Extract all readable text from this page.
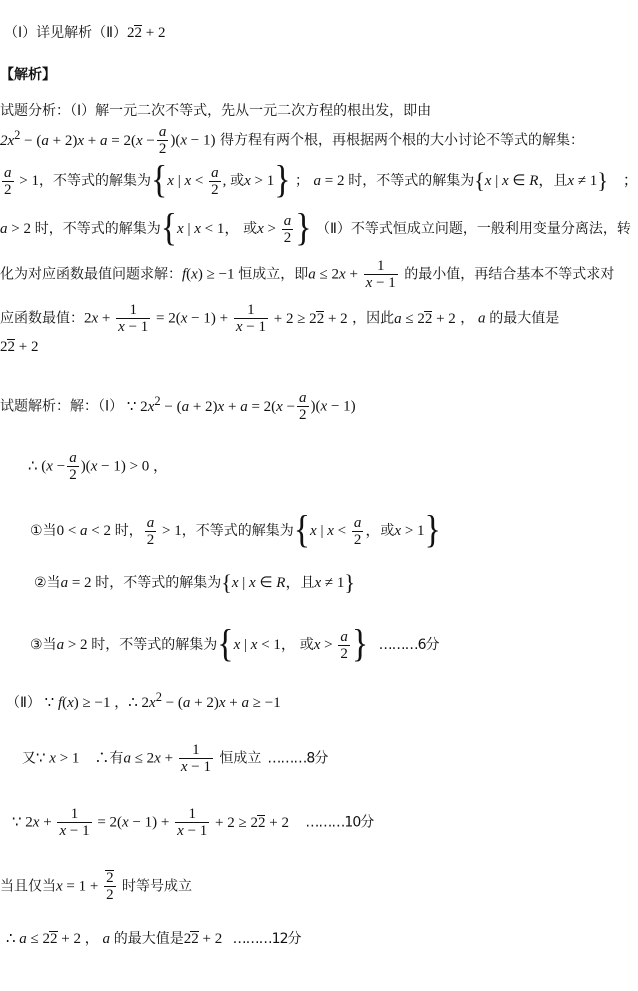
（Ⅰ）详见解析（Ⅱ）22 + 2
【解析】
试题分析：（Ⅰ）解一元二次不等式，先从一元二次方程的根出发，即由
$2x^2 - (a + 2)x + a = 2(x - \frac{a}{2} )(x - 1)$ 得方程有两个根，再根据两个根的大小讨论不等式的解集：
$\frac{a}{2} > 1$，不等式的解集为{x | $x < \frac{a}{2}$ , 或x > 1} ； a = 2 时，不等式的解集为{x | x ∈ R，且x ≠ 1}　；
a > 2 时，不等式的解集为{x | x < 1， 或$x > \frac{a}{2}$ } （Ⅱ）不等式恒成立问题，一般利用变量分离法，转
化为对应函数最值问题求解：f(x) ≥ −1 恒成立，即$a \le 2x + \frac{1}{x - 1}$ 的最小值，再结合基本不等式求对
应函数最值：$2x + \frac{1}{x - 1} = 2(x - 1) + \frac{1}{x - 1} + 2 \ge 22 + 2$ ，因此a ≤ 22 + 2 ， a 的最大值是
22 + 2
试题解析：解：（Ⅰ） ∵ $2x^2 - (a + 2)x + a = 2(x - \frac{a}{2} )(x - 1)$
∴ $(x - \frac{a}{2} )(x - 1) > 0$ ，
①当0 < a < 2 时， $\frac{a}{2} > 1$，不等式的解集为{x | $x < \frac{a}{2}$ ，或x > 1}
②当a = 2 时，不等式的解集为{x | x ∈ R，且x ≠ 1}
③当a > 2 时，不等式的解集为{x | x < 1， 或$x > \frac{a}{2}$ } ………6分
（Ⅱ） ∵ f(x) ≥ −1 ，∴ $2x^2 - (a + 2)x + a \ge -1$
又∵ x > 1　∴有$a \le 2x + \frac{1}{x - 1}$ 恒成立 ………8分
∵ $2x + \frac{1}{x - 1} = 2(x - 1) + \frac{1}{x - 1} + 2 \ge 22 + 2$ ………10分
当且仅当$x = 1 + \frac{2}{2}$ 时等号成立
∴ a ≤ 22 + 2 ， a 的最大值是22 + 2 ………12分
